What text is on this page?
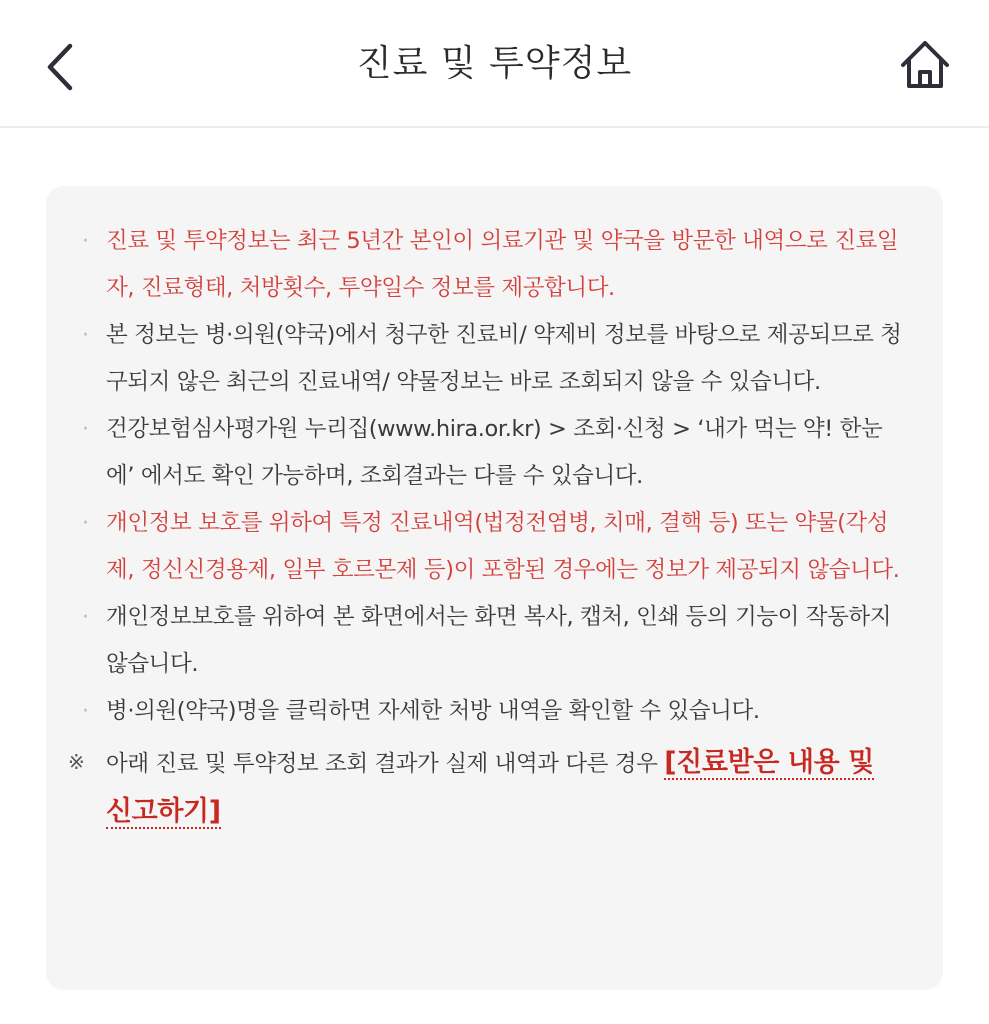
진료 및 투약정보
· 진료 및 투약정보는 최근 5년간 본인이 의료기관 및 약국을 방문한 내역으로 진료일자, 진료형태, 처방횟수, 투약일수 정보를 제공합니다.
· 본 정보는 병·의원(약국)에서 청구한 진료비/ 약제비 정보를 바탕으로 제공되므로 청구되지 않은 최근의 진료내역/ 약물정보는 바로 조회되지 않을 수 있습니다.
· 건강보험심사평가원 누리집(www.hira.or.kr) > 조회·신청 > ‘내가 먹는 약! 한눈에’ 에서도 확인 가능하며, 조회결과는 다를 수 있습니다.
· 개인정보 보호를 위하여 특정 진료내역(법정전염병, 치매, 결핵 등) 또는 약물(각성제, 정신신경용제, 일부 호르몬제 등)이 포함된 경우에는 정보가 제공되지 않습니다.
· 개인정보보호를 위하여 본 화면에서는 화면 복사, 캡처, 인쇄 등의 기능이 작동하지 않습니다.
· 병·의원(약국)명을 클릭하면 자세한 처방 내역을 확인할 수 있습니다.
※ 아래 진료 및 투약정보 조회 결과가 실제 내역과 다른 경우 [진료받은 내용 및 신고하기]
